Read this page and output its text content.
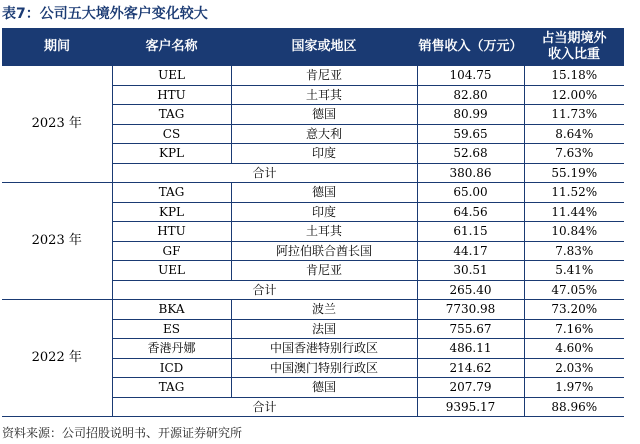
表7：公司五大境外客户变化较大
期间	客户名称	国家或地区	销售收入（万元）	占当期境外收入比重
2023 年	UEL	肯尼亚	104.75	15.18%
	HTU	土耳其	82.80	12.00%
	TAG	德国	80.99	11.73%
	CS	意大利	59.65	8.64%
	KPL	印度	52.68	7.63%
	合计		380.86	55.19%
2023 年	TAG	德国	65.00	11.52%
	KPL	印度	64.56	11.44%
	HTU	土耳其	61.15	10.84%
	GF	阿拉伯联合酋长国	44.17	7.83%
	UEL	肯尼亚	30.51	5.41%
	合计		265.40	47.05%
2022 年	BKA	波兰	7730.98	73.20%
	ES	法国	755.67	7.16%
	香港丹娜	中国香港特别行政区	486.11	4.60%
	ICD	中国澳门特别行政区	214.62	2.03%
	TAG	德国	207.79	1.97%
	合计		9395.17	88.96%
资料来源：公司招股说明书、开源证券研究所
